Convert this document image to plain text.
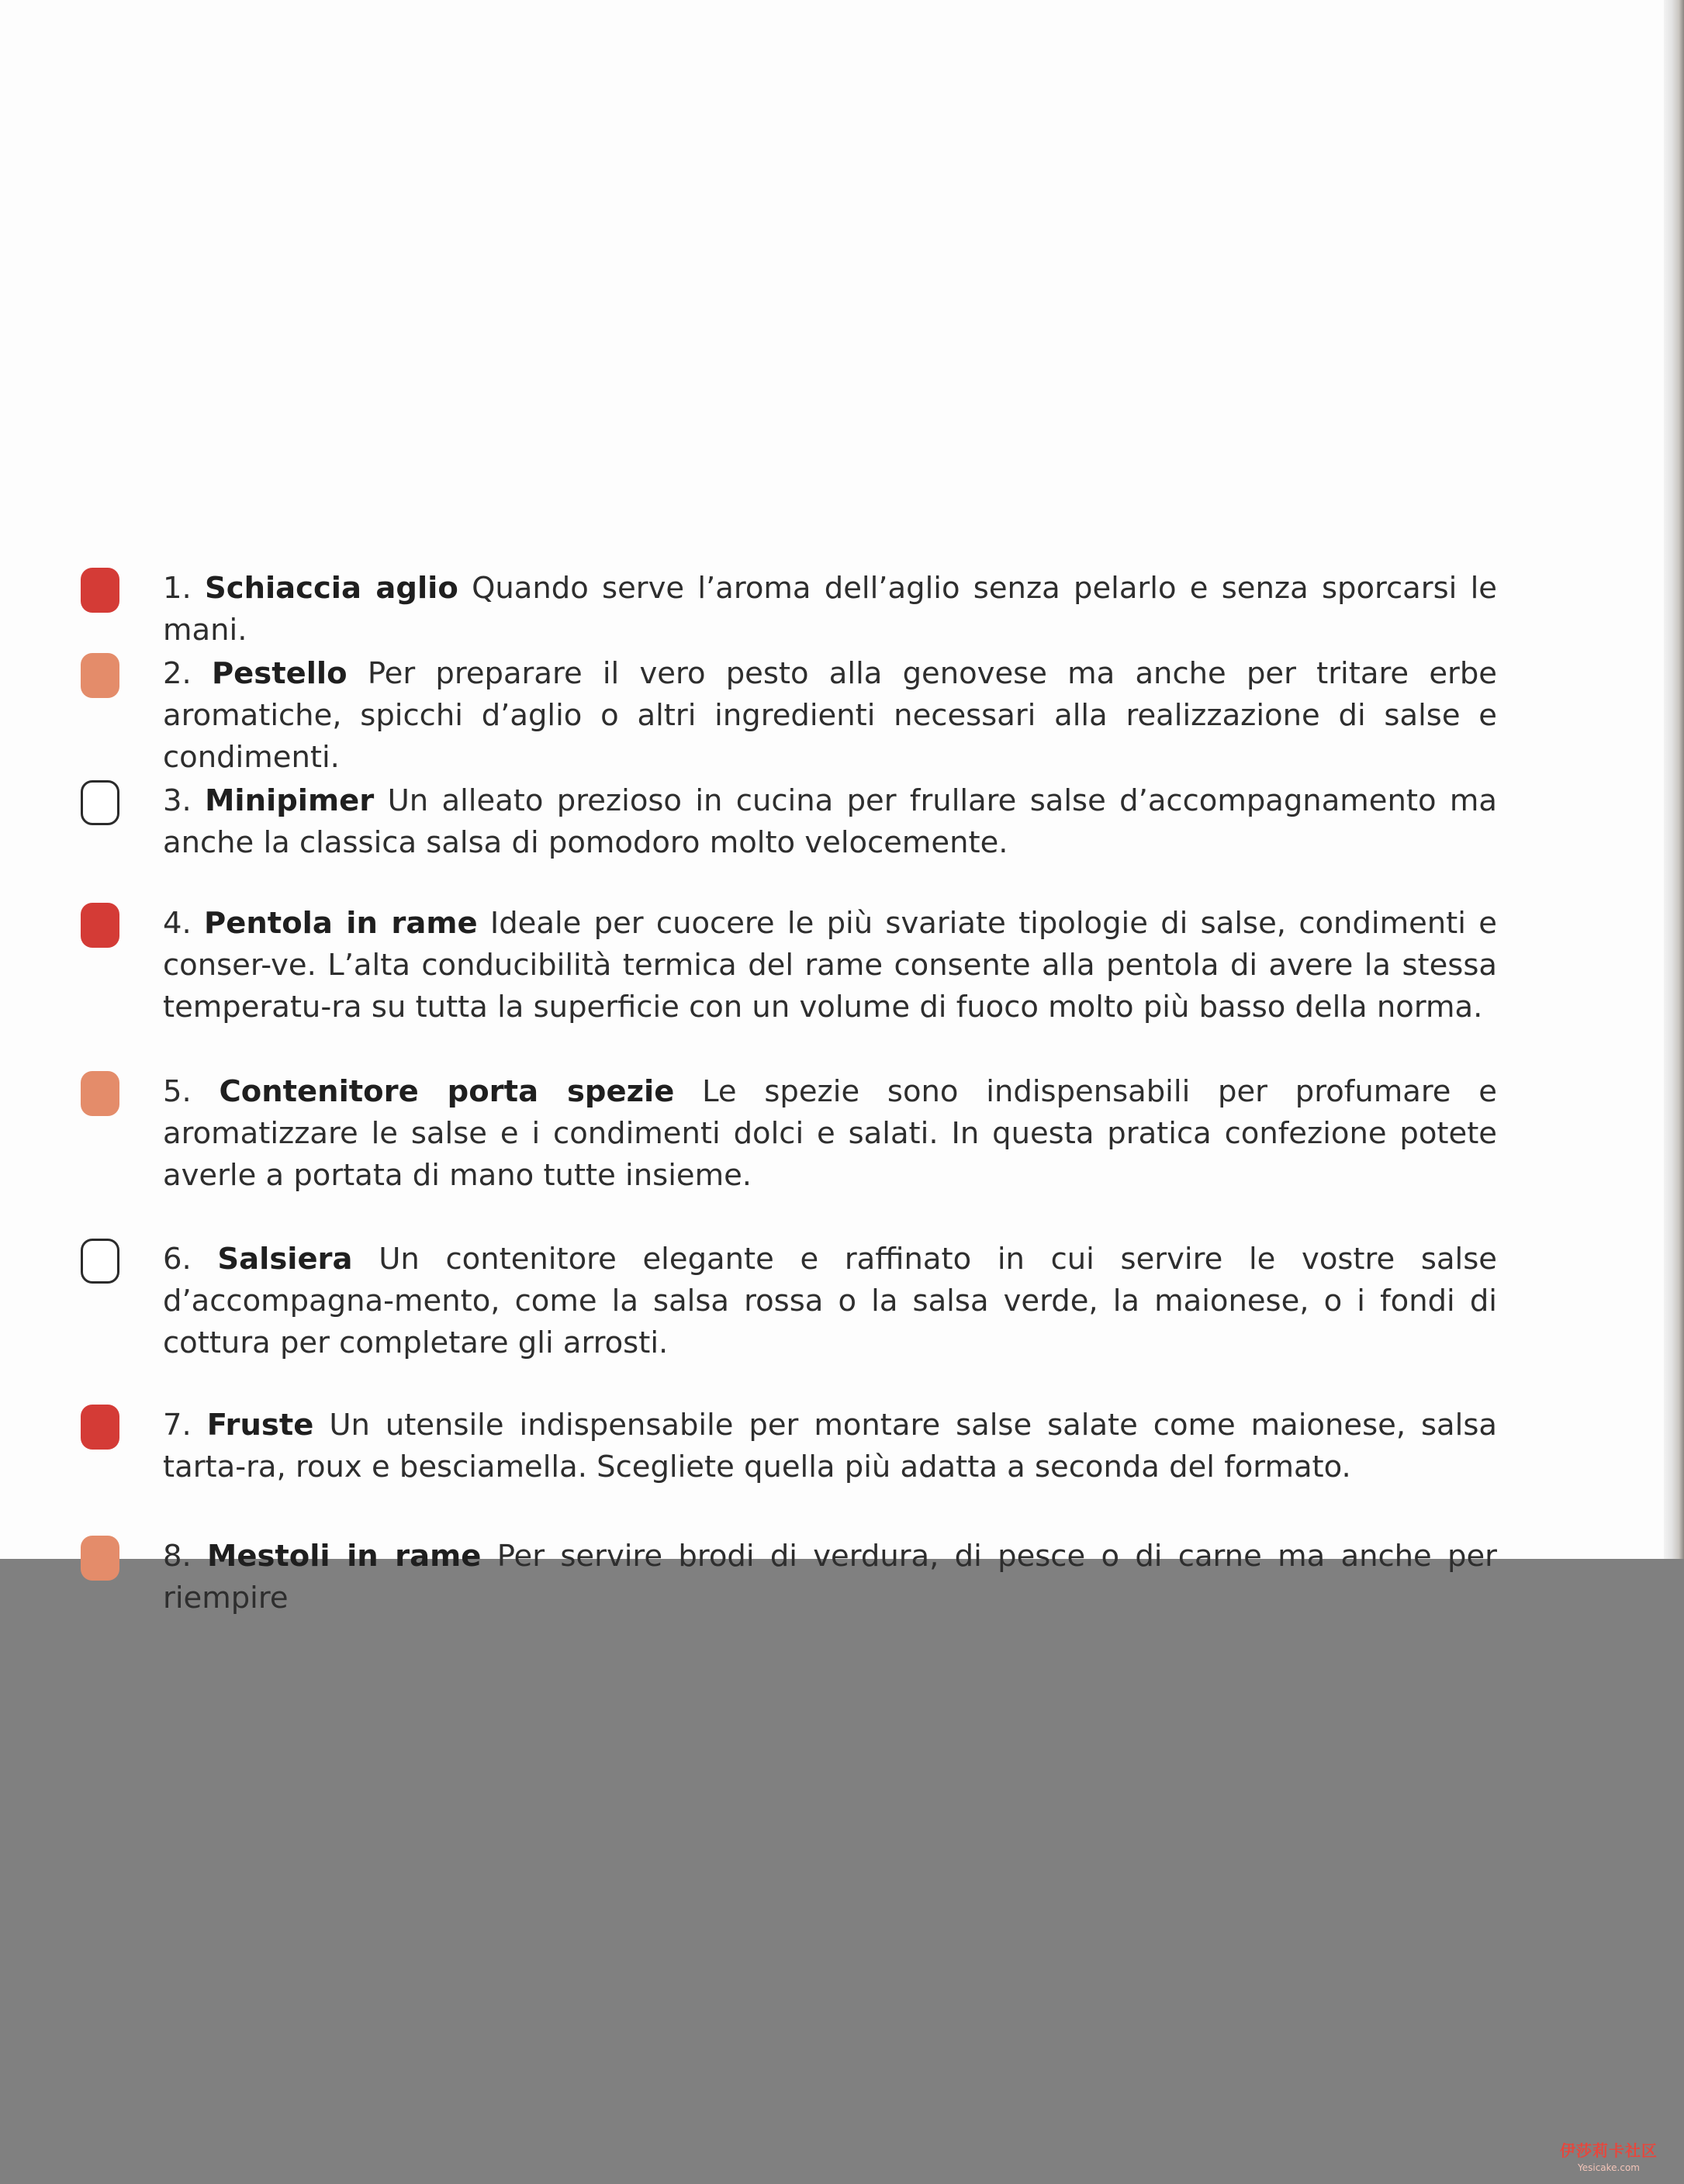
1. Schiaccia aglio Quando serve l’aroma dell’aglio senza pelarlo e senza sporcarsi le mani.

2. Pestello Per preparare il vero pesto alla genovese ma anche per tritare erbe aromatiche, spicchi d’aglio o altri ingredienti necessari alla realizzazione di salse e condimenti.

3. Minipimer Un alleato prezioso in cucina per frullare salse d’accompagnamento ma anche la classica salsa di pomodoro molto velocemente.

4. Pentola in rame Ideale per cuocere le più svariate tipologie di salse, condimenti e conser-ve. L’alta conducibilità termica del rame consente alla pentola di avere la stessa temperatu-ra su tutta la superficie con un volume di fuoco molto più basso della norma.

5. Contenitore porta spezie Le spezie sono indispensabili per profumare e aromatizzare le salse e i condimenti dolci e salati. In questa pratica confezione potete averle a portata di mano tutte insieme.

6. Salsiera Un contenitore elegante e raffinato in cui servire le vostre salse d’accompagna-mento, come la salsa rossa o la salsa verde, la maionese, o i fondi di cottura per completare gli arrosti.

7. Fruste Un utensile indispensabile per montare salse salate come maionese, salsa tarta-ra, roux e besciamella. Scegliete quella più adatta a seconda del formato.

8. Mestoli in rame Per servire brodi di verdura, di pesce o di carne ma anche per riempire

伊莎莉卡社区
Yesicake.com
